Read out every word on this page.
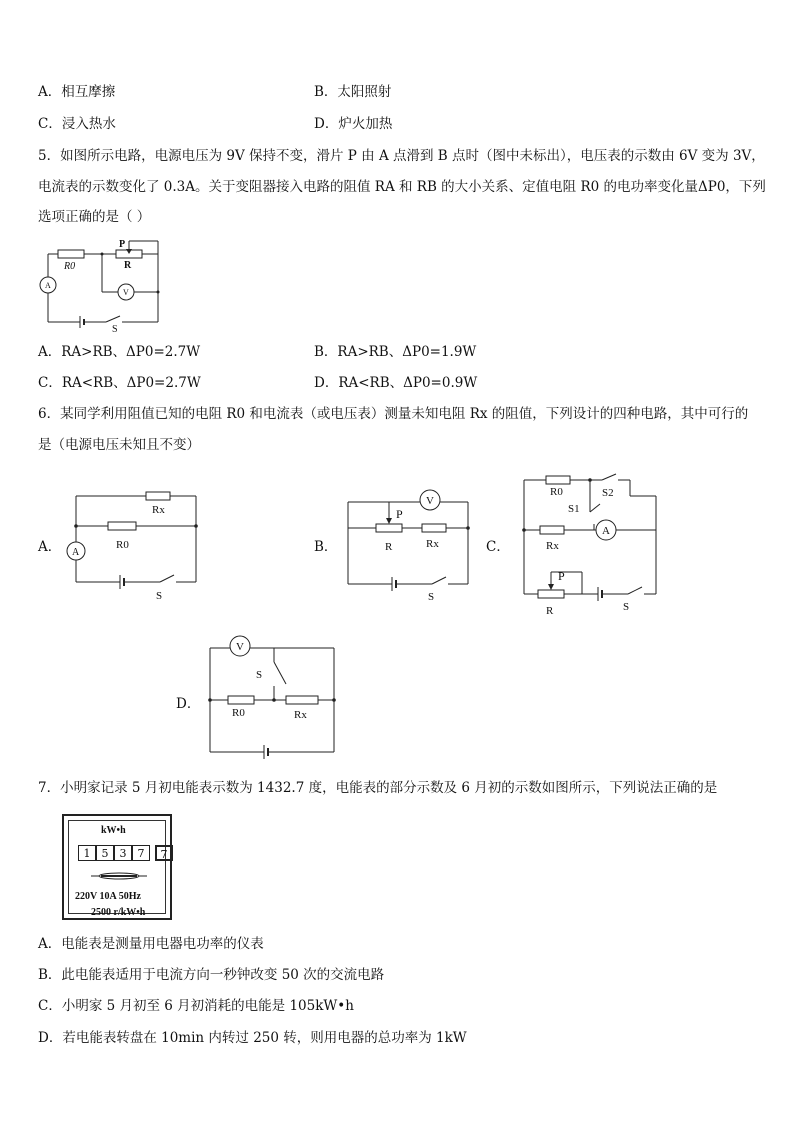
A．相互摩擦	B．太阳照射
C．浸入热水	D．炉火加热
5．如图所示电路，电源电压为 9V 保持不变，滑片 P 由 A 点滑到 B 点时（图中未标出），电压表的示数由 6V 变为 3V，
电流表的示数变化了 0.3A。关于变阻器接入电路的阻值 RA 和 RB 的大小关系、定值电阻 R0 的电功率变化量ΔP0，下列
选项正确的是（ ）
R0
P
R
A
V
S
A．RA>RB、ΔP0=2.7W	B．RA>RB、ΔP0=1.9W
C．RA<RB、ΔP0=2.7W	D．RA<RB、ΔP0=0.9W
6．某同学利用阻值已知的电阻 R0 和电流表（或电压表）测量未知电阻 Rx 的阻值，下列设计的四种电路，其中可行的
是（电源电压未知且不变）
A．
Rx
R0
A
S
B．
V
P
R	Rx
S
C．
R0	S2
S1
A
Rx
P
R	S
D．
V
S
R0	Rx
7．小明家记录 5 月初电能表示数为 1432.7 度，电能表的部分示数及 6 月初的示数如图所示，下列说法正确的是
kW•h
1	5	3	7	7
220V 10A 50Hz
2500 r/kW•h
A．电能表是测量用电器电功率的仪表
B．此电能表适用于电流方向一秒钟改变 50 次的交流电路
C．小明家 5 月初至 6 月初消耗的电能是 105kW•h
D．若电能表转盘在 10min 内转过 250 转，则用电器的总功率为 1kW
